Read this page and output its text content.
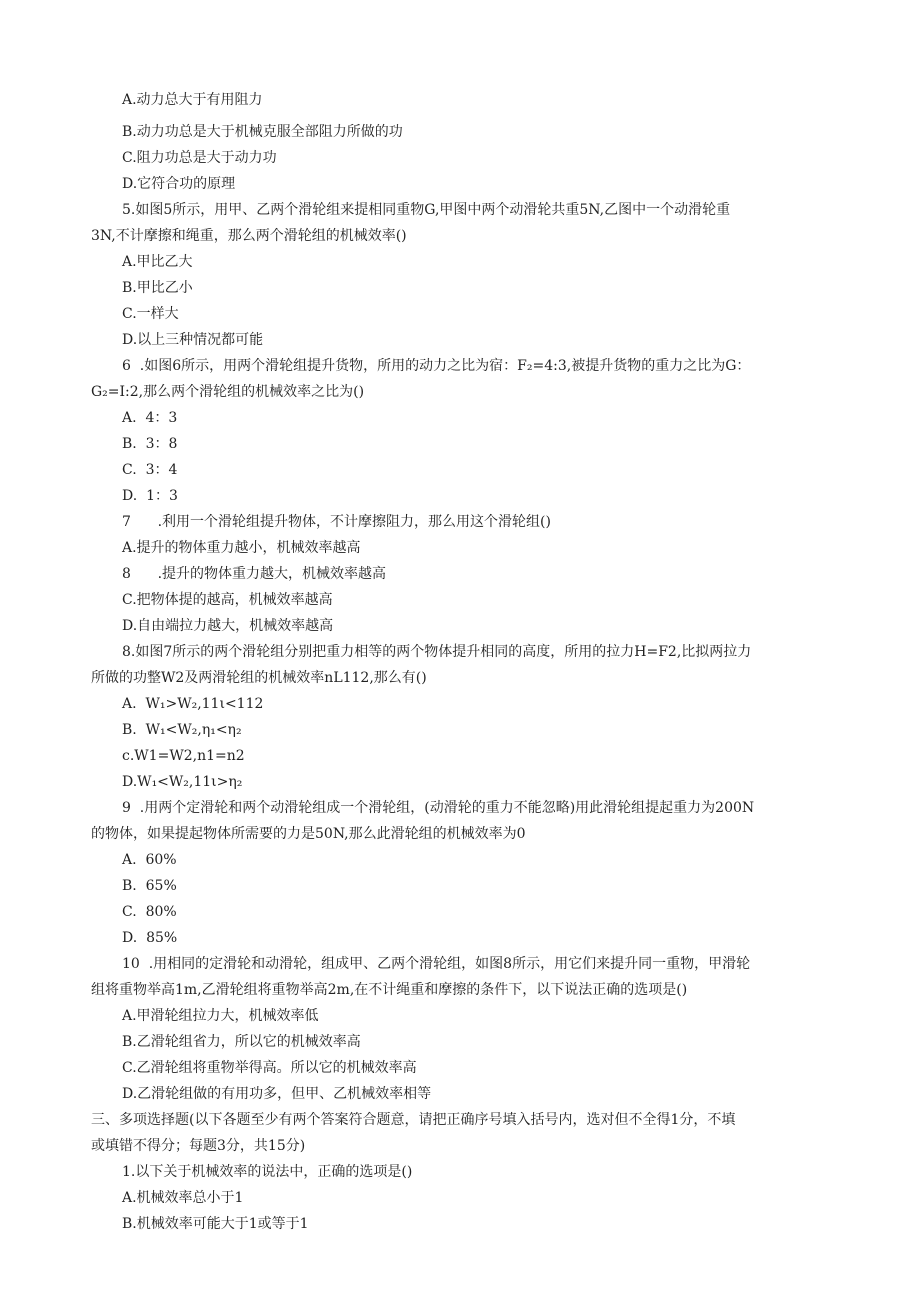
A.动力总大于有用阻力
B.动力功总是大于机械克服全部阻力所做的功
C.阻力功总是大于动力功
D.它符合功的原理
5.如图5所示，用甲、乙两个滑轮组来提相同重物G,甲图中两个动滑轮共重5N,乙图中一个动滑轮重
3N,不计摩擦和绳重，那么两个滑轮组的机械效率()
A.甲比乙大
B.甲比乙小
C.一样大
D.以上三种情况都可能
6  .如图6所示，用两个滑轮组提升货物，所用的动力之比为宿：F₂=4:3,被提升货物的重力之比为G：
G₂=I:2,那么两个滑轮组的机械效率之比为()
A.  4：3
B.  3：8
C.  3：4
D.  1：3
7      .利用一个滑轮组提升物体，不计摩擦阻力，那么用这个滑轮组()
A.提升的物体重力越小，机械效率越高
8      .提升的物体重力越大，机械效率越高
C.把物体提的越高，机械效率越高
D.自由端拉力越大，机械效率越高
8.如图7所示的两个滑轮组分别把重力相等的两个物体提升相同的高度，所用的拉力H=F2,比拟两拉力
所做的功整W2及两滑轮组的机械效率nL112,那么有()
A.  W₁>W₂,11ι<112
B.  W₁<W₂,η₁<η₂
c.W1=W2,n1=n2
D.W₁<W₂,11ι>η₂
9  .用两个定滑轮和两个动滑轮组成一个滑轮组，(动滑轮的重力不能忽略)用此滑轮组提起重力为200N
的物体，如果提起物体所需要的力是50N,那么此滑轮组的机械效率为0
A.  60%
B.  65%
C.  80%
D.  85%
10  .用相同的定滑轮和动滑轮，组成甲、乙两个滑轮组，如图8所示，用它们来提升同一重物，甲滑轮
组将重物举高1m,乙滑轮组将重物举高2m,在不计绳重和摩擦的条件下，以下说法正确的选项是()
A.甲滑轮组拉力大，机械效率低
B.乙滑轮组省力，所以它的机械效率高
C.乙滑轮组将重物举得高。所以它的机械效率高
D.乙滑轮组做的有用功多，但甲、乙机械效率相等
三、多项选择题(以下各题至少有两个答案符合题意，请把正确序号填入括号内，选对但不全得1分，不填
或填错不得分；每题3分，共15分)
1.以下关于机械效率的说法中，正确的选项是()
A.机械效率总小于1
B.机械效率可能大于1或等于1
